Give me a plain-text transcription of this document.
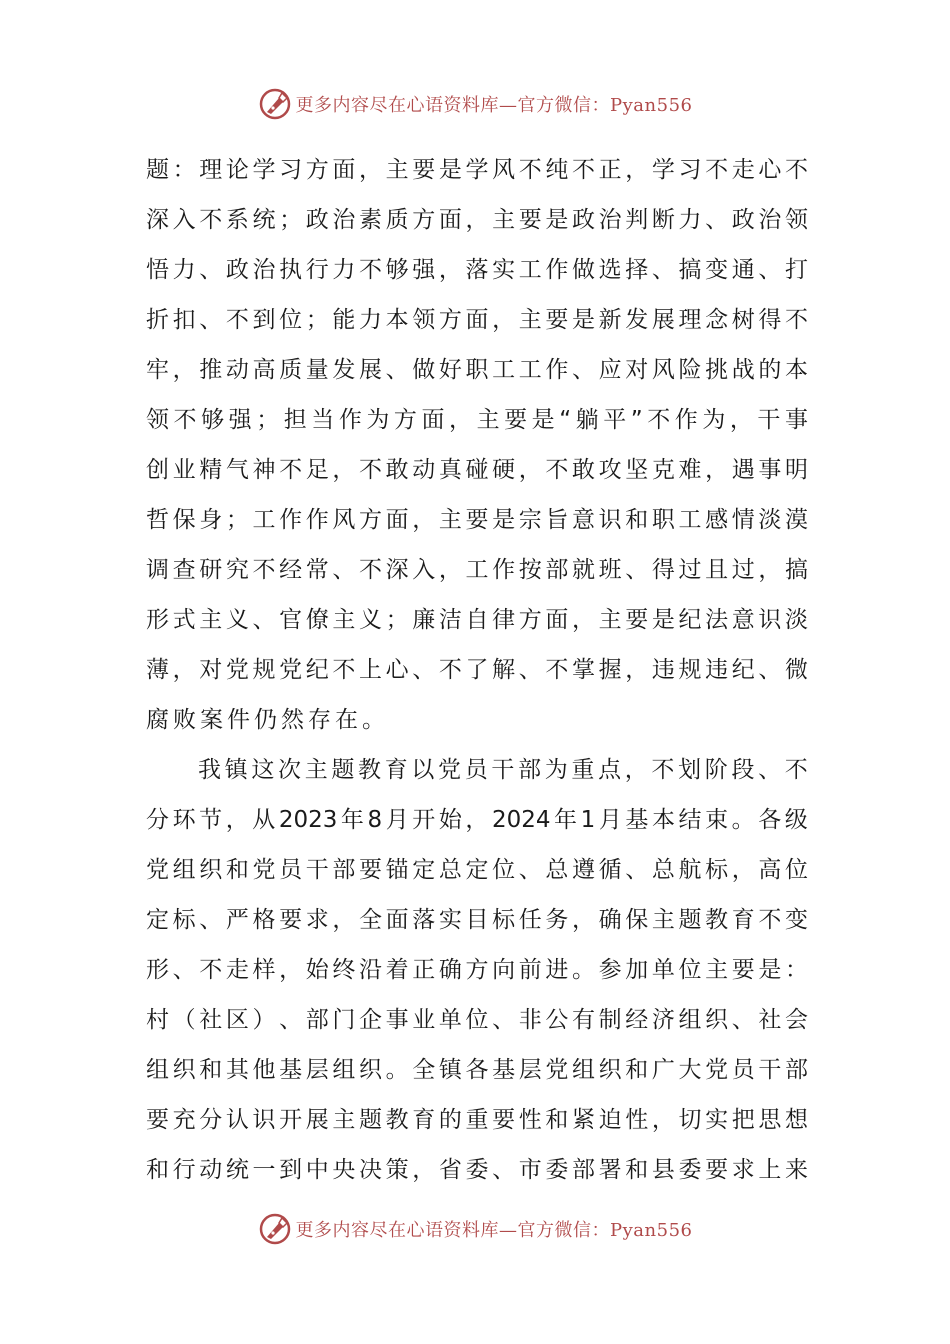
更多内容尽在心语资料库—官方微信：Pyan556
题 ： 理 论 学 习 方 面 ， 主 要 是 学 风 不 纯 不 正 ， 学 习 不 走 心 不
深 入 不 系 统 ； 政 治 素 质 方 面 ， 主 要 是 政 治 判 断 力 、 政 治 领
悟 力 、 政 治 执 行 力 不 够 强 ， 落 实 工 作 做 选 择 、 搞 变 通 、 打
折 扣 、 不 到 位 ； 能 力 本 领 方 面 ， 主 要 是 新 发 展 理 念 树 得 不
牢 ， 推 动 高 质 量 发 展 、 做 好 职 工 工 作 、 应 对 风 险 挑 战 的 本
领 不 够 强 ； 担 当 作 为 方 面 ， 主 要 是 “ 躺 平 ” 不 作 为 ， 干 事
创 业 精 气 神 不 足 ， 不 敢 动 真 碰 硬 ， 不 敢 攻 坚 克 难 ， 遇 事 明
哲 保 身 ； 工 作 作 风 方 面 ， 主 要 是 宗 旨 意 识 和 职 工 感 情 淡 漠
调 查 研 究 不 经 常 、 不 深 入 ， 工 作 按 部 就 班 、 得 过 且 过 ， 搞
形 式 主 义 、 官 僚 主 义 ； 廉 洁 自 律 方 面 ， 主 要 是 纪 法 意 识 淡
薄 ， 对 党 规 党 纪 不 上 心 、 不 了 解 、 不 掌 握 ， 违 规 违 纪 、 微
腐败案件仍然存在。
我 镇 这 次 主 题 教 育 以 党 员 干 部 为 重 点 ， 不 划 阶 段 、 不
分 环 节 ， 从 2023 年 8 月 开 始 ， 2024 年 1 月 基 本 结 束 。 各 级
党 组 织 和 党 员 干 部 要 锚 定 总 定 位 、 总 遵 循 、 总 航 标 ， 高 位
定 标 、 严 格 要 求 ， 全 面 落 实 目 标 任 务 ， 确 保 主 题 教 育 不 变
形 、 不 走 样 ， 始 终 沿 着 正 确 方 向 前 进 。 参 加 单 位 主 要 是 ：
村 （ 社 区 ） 、 部 门 企 事 业 单 位 、 非 公 有 制 经 济 组 织 、 社 会
组 织 和 其 他 基 层 组 织 。 全 镇 各 基 层 党 组 织 和 广 大 党 员 干 部
要 充 分 认 识 开 展 主 题 教 育 的 重 要 性 和 紧 迫 性 ， 切 实 把 思 想
和 行 动 统 一 到 中 央 决 策 ， 省 委 、 市 委 部 署 和 县 委 要 求 上 来
更多内容尽在心语资料库—官方微信：Pyan556
